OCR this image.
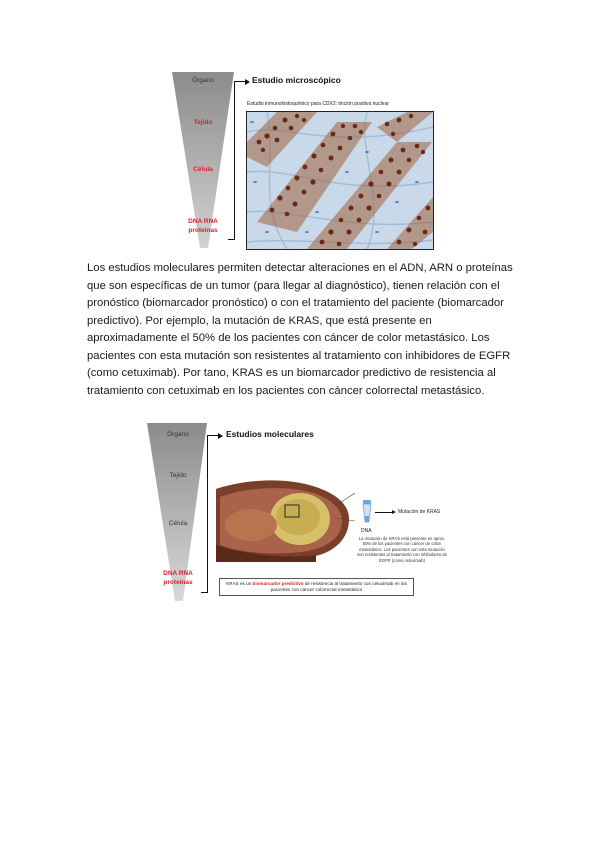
Órgano
Tejido
Célula
DNA RNA
proteínas
Estudio microscópico
Estudio inmunohistoquímico para CDX2: tinción positiva nuclear
Los estudios moleculares permiten detectar alteraciones en el ADN, ARN o proteínas que son específicas de un tumor (para llegar al diagnóstico), tienen relación con el pronóstico (biomarcador pronóstico) o con el tratamiento del paciente (biomarcador predictivo). Por ejemplo, la mutación de KRAS, que está presente en aproximadamente el 50% de los pacientes con cáncer de color metastásico. Los pacientes con esta mutación son resistentes al tratamiento con inhibidores de EGFR (como cetuximab). Por tano, KRAS es un biomarcador predictivo de resistencia al tratamiento con cetuximab en los pacientes con cáncer colorrectal metastásico.
Órgano
Tejido
Célula
DNA RNA
proteínas
Estudios moleculares
DNA
Mutación de KRAS
La mutación de KRAS está presente en aprox. 50% de los pacientes con cáncer de colon metastásico. Los pacientes con esta mutación son resistentes al tratamiento con inhibidores de EGFR (como cetuximab)
KRAS es un biomarcador predictivo de resistencia al tratamiento con cetuximab en los pacientes con cáncer colorrectal metastásico
